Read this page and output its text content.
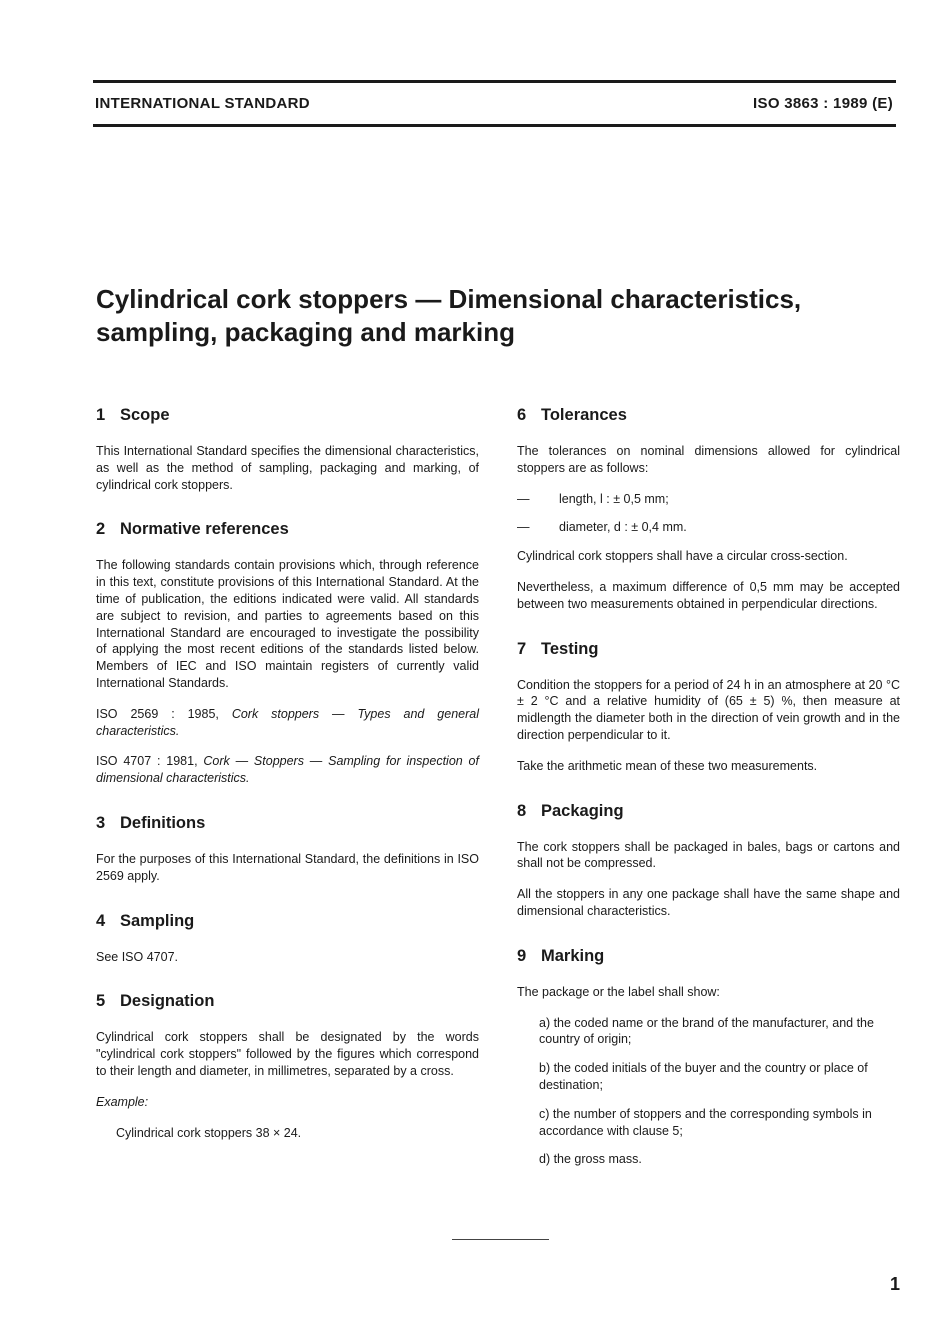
INTERNATIONAL STANDARD	ISO 3863 : 1989 (E)
Cylindrical cork stoppers — Dimensional characteristics,
sampling, packaging and marking
1 Scope

This International Standard specifies the dimensional characteristics, as well as the method of sampling, packaging and marking, of cylindrical cork stoppers.

2 Normative references

The following standards contain provisions which, through reference in this text, constitute provisions of this International Standard. At the time of publication, the editions indicated were valid. All standards are subject to revision, and parties to agreements based on this International Standard are encouraged to investigate the possibility of applying the most recent editions of the standards listed below. Members of IEC and ISO maintain registers of currently valid International Standards.

ISO 2569 : 1985, Cork stoppers — Types and general characteristics.

ISO 4707 : 1981, Cork — Stoppers — Sampling for inspection of dimensional characteristics.

3 Definitions

For the purposes of this International Standard, the definitions in ISO 2569 apply.

4 Sampling

See ISO 4707.

5 Designation

Cylindrical cork stoppers shall be designated by the words "cylindrical cork stoppers" followed by the figures which correspond to their length and diameter, in millimetres, separated by a cross.

Example:

Cylindrical cork stoppers 38 × 24.

6 Tolerances

The tolerances on nominal dimensions allowed for cylindrical stoppers are as follows:

— length, l : ± 0,5 mm;
— diameter, d : ± 0,4 mm.

Cylindrical cork stoppers shall have a circular cross-section.

Nevertheless, a maximum difference of 0,5 mm may be accepted between two measurements obtained in perpendicular directions.

7 Testing

Condition the stoppers for a period of 24 h in an atmosphere at 20 °C ± 2 °C and a relative humidity of (65 ± 5) %, then measure at midlength the diameter both in the direction of vein growth and in the direction perpendicular to it.

Take the arithmetic mean of these two measurements.

8 Packaging

The cork stoppers shall be packaged in bales, bags or cartons and shall not be compressed.

All the stoppers in any one package shall have the same shape and dimensional characteristics.

9 Marking

The package or the label shall show:

a) the coded name or the brand of the manufacturer, and the country of origin;

b) the coded initials of the buyer and the country or place of destination;

c) the number of stoppers and the corresponding symbols in accordance with clause 5;

d) the gross mass.

1
